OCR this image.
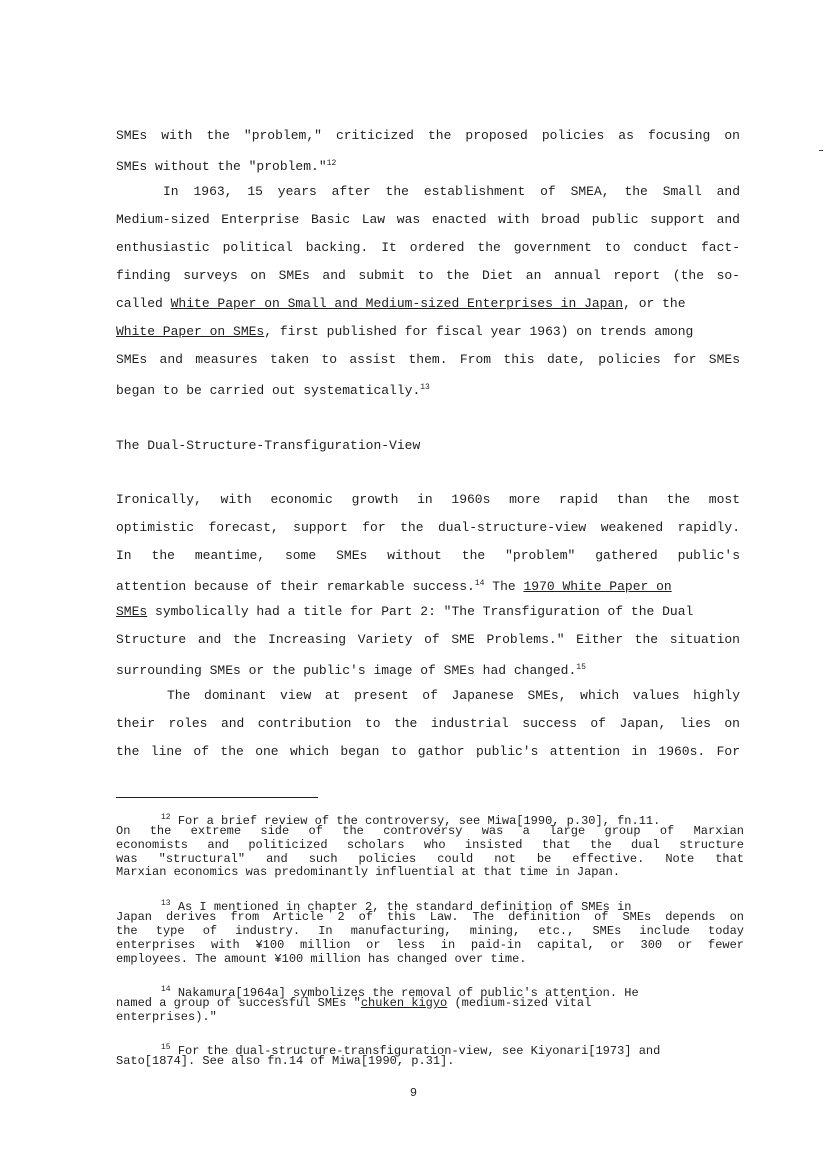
SMEs with the "problem," criticized the proposed policies as focusing on
SMEs without the "problem."$^{12}$
In 1963, 15 years after the establishment of SMEA, the Small and
Medium-sized Enterprise Basic Law was enacted with broad public support and
enthusiastic political backing. It ordered the government to conduct fact-
finding surveys on SMEs and submit to the Diet an annual report (the so-
called White Paper on Small and Medium-sized Enterprises in Japan, or the
White Paper on SMEs, first published for fiscal year 1963) on trends among
SMEs and measures taken to assist them. From this date, policies for SMEs
began to be carried out systematically.$^{13}$
The Dual-Structure-Transfiguration-View
Ironically, with economic growth in 1960s more rapid than the most
optimistic forecast, support for the dual-structure-view weakened rapidly.
In the meantime, some SMEs without the "problem" gathered public's
attention because of their remarkable success.$^{14}$ The 1970 White Paper on
SMEs symbolically had a title for Part 2: "The Transfiguration of the Dual
Structure and the Increasing Variety of SME Problems." Either the situation
surrounding SMEs or the public's image of SMEs had changed.$^{15}$
The dominant view at present of Japanese SMEs, which values highly
their roles and contribution to the industrial success of Japan, lies on
the line of the one which began to gathor public's attention in 1960s. For
$^{12}$ For a brief review of the controversy, see Miwa[1990, p.30], fn.11.
On the extreme side of the controversy was a large group of Marxian
economists and politicized scholars who insisted that the dual structure
was "structural" and such policies could not be effective. Note that
Marxian economics was predominantly influential at that time in Japan.
$^{13}$ As I mentioned in chapter 2, the standard definition of SMEs in
Japan derives from Article 2 of this Law. The definition of SMEs depends on
the type of industry. In manufacturing, mining, etc., SMEs include today
enterprises with ¥100 million or less in paid-in capital, or 300 or fewer
employees. The amount ¥100 million has changed over time.
$^{14}$ Nakamura[1964a] symbolizes the removal of public's attention. He
named a group of successful SMEs "chuken kigyo (medium-sized vital
enterprises)."
$^{15}$ For the dual-structure-transfiguration-view, see Kiyonari[1973] and
Sato[1874]. See also fn.14 of Miwa[1990, p.31].
9
